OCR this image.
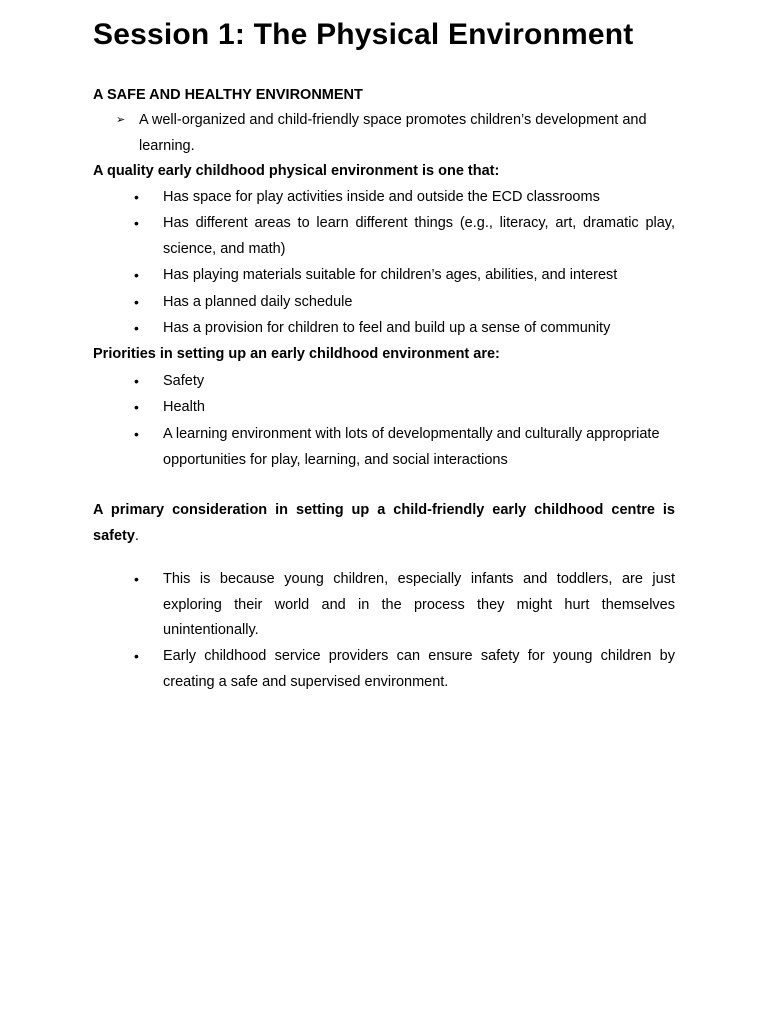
Session 1: The Physical Environment

A SAFE AND HEALTHY ENVIRONMENT

➢ A well-organized and child-friendly space promotes children’s development and learning.

A quality early childhood physical environment is one that:

• Has space for play activities inside and outside the ECD classrooms

• Has different areas to learn different things (e.g., literacy, art, dramatic play, science, and math)

• Has playing materials suitable for children’s ages, abilities, and interest

• Has a planned daily schedule

• Has a provision for children to feel and build up a sense of community

Priorities in setting up an early childhood environment are:

• Safety

• Health

• A learning environment with lots of developmentally and culturally appropriate opportunities for play, learning, and social interactions

A primary consideration in setting up a child-friendly early childhood centre is safety.

• This is because young children, especially infants and toddlers, are just exploring their world and in the process they might hurt themselves unintentionally.

• Early childhood service providers can ensure safety for young children by creating a safe and supervised environment.
